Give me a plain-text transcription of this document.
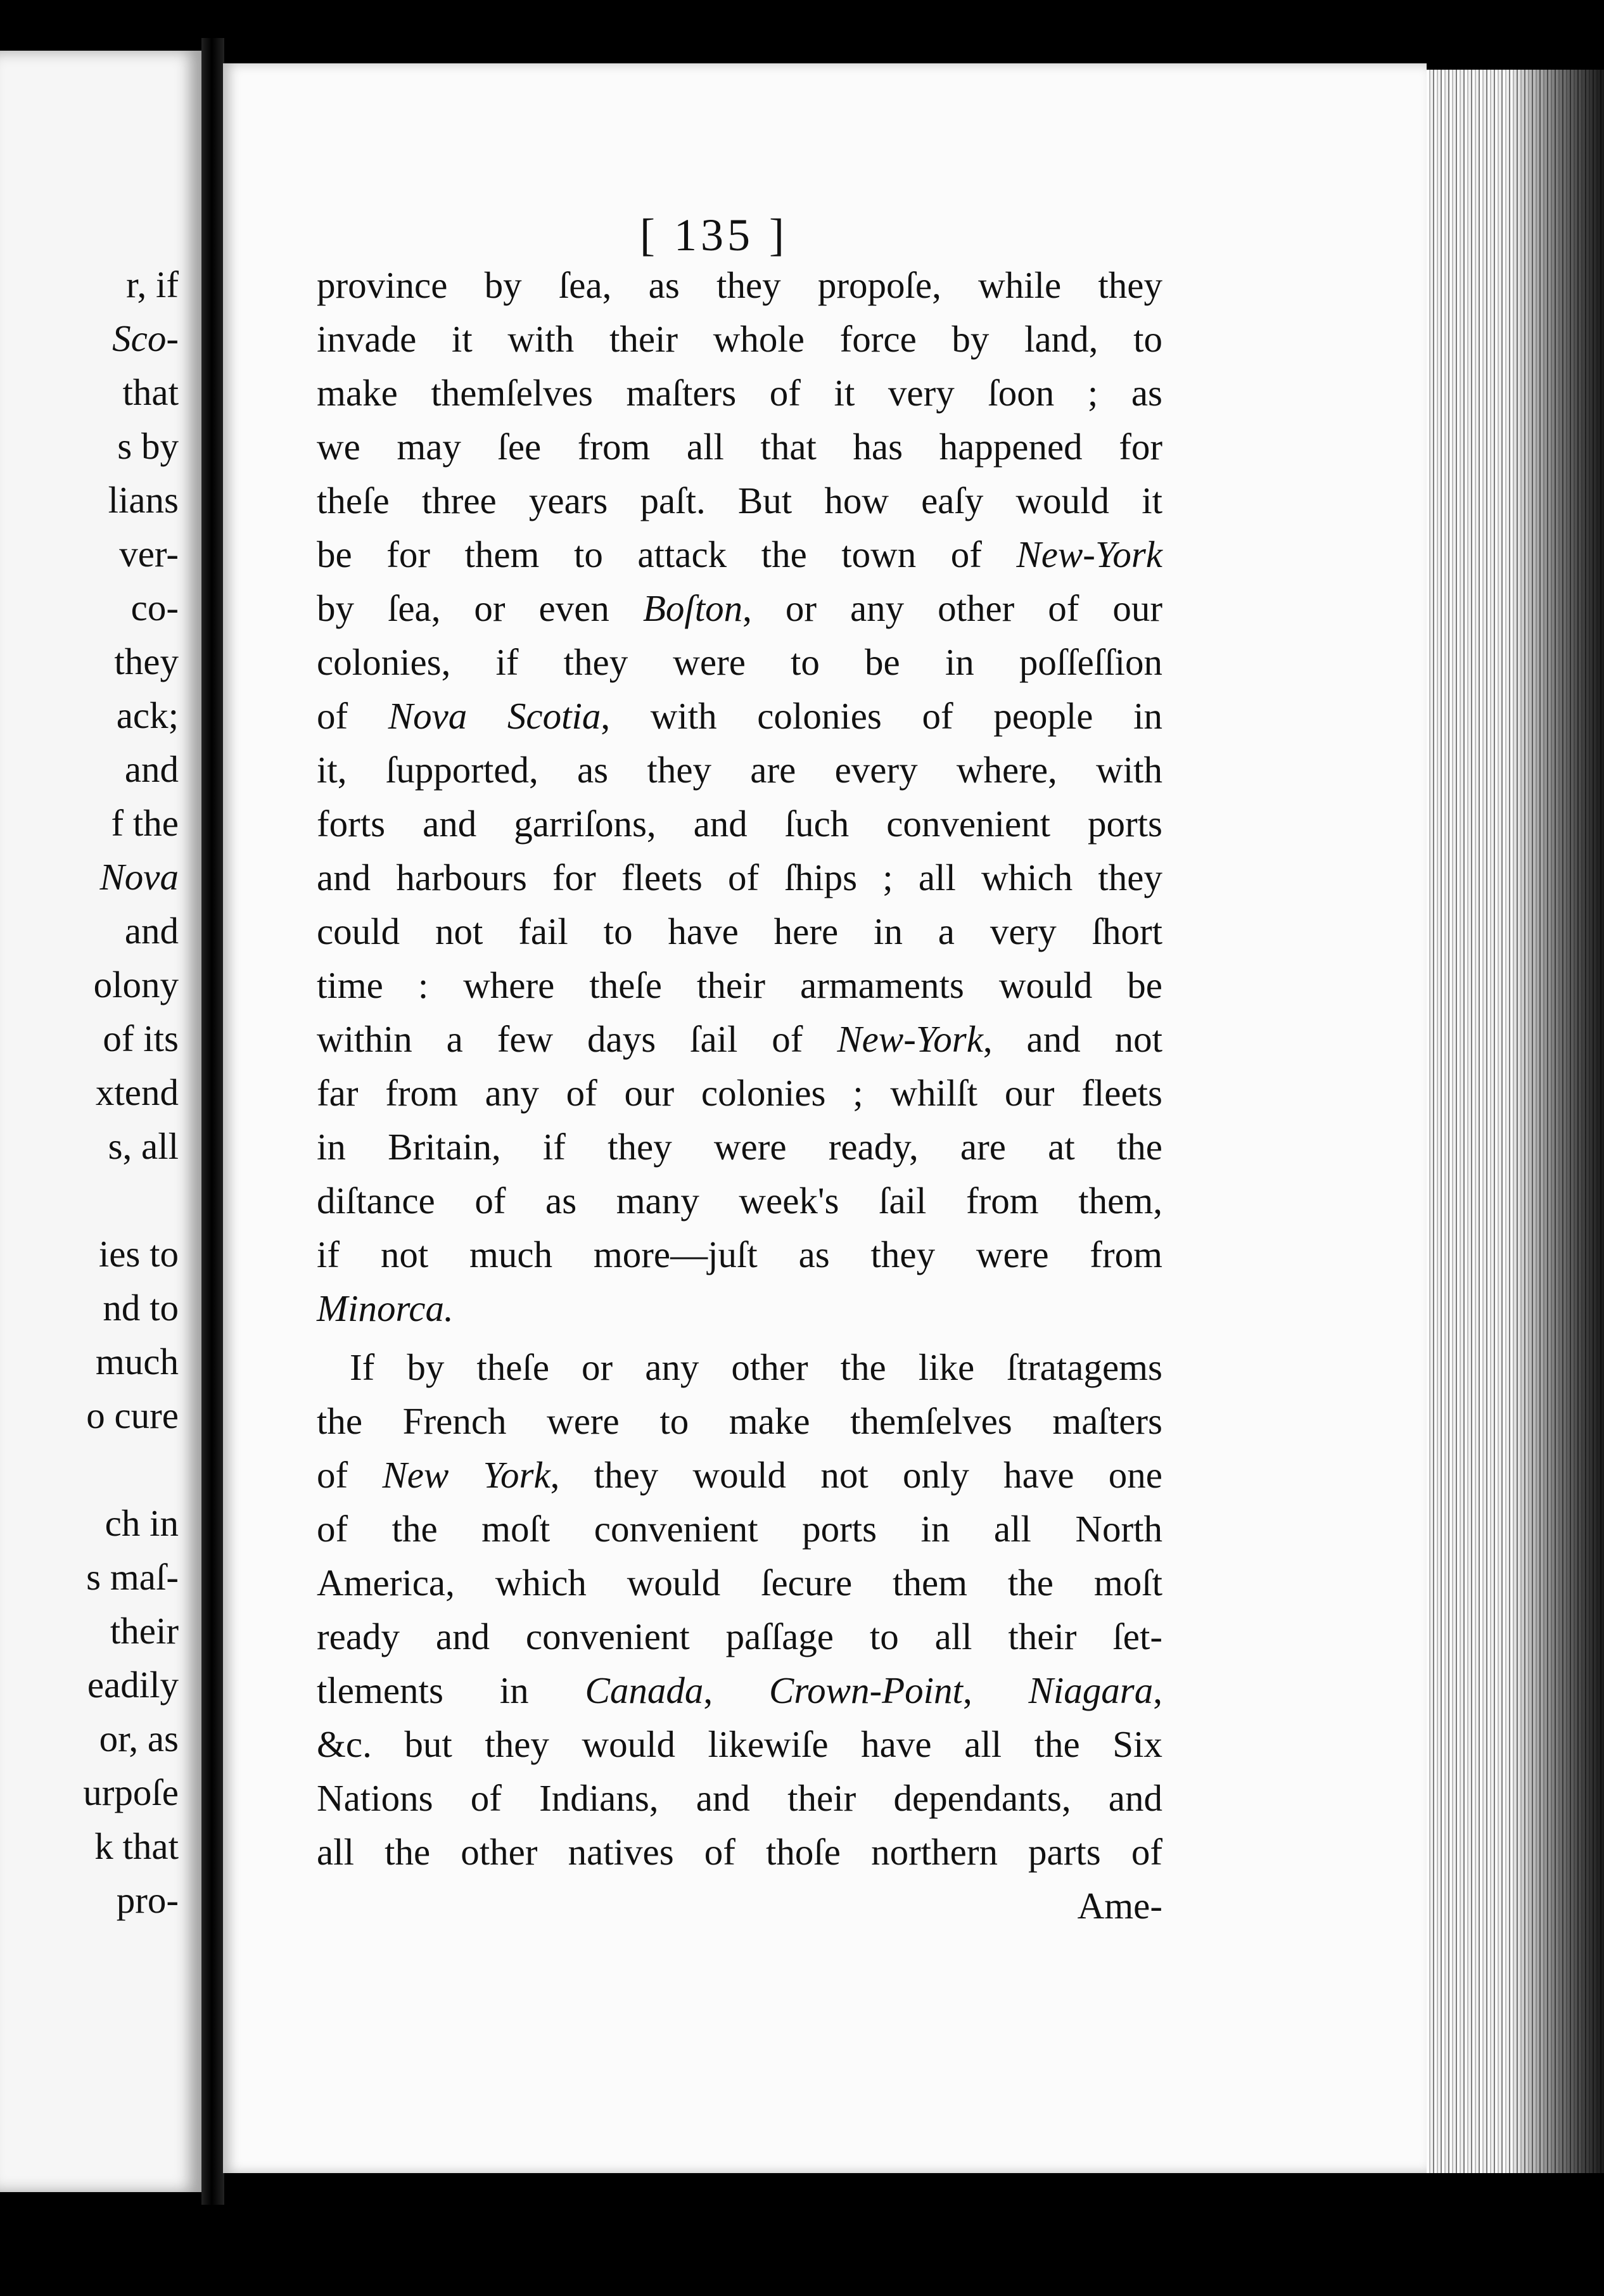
r, if
Sco-
that
s by
lians
ver-
co-
they
ack;
and
f the
Nova
and
olony
of its
xtend
s, all
ies to
nd to
much
o cure
ch in
s maſ-
their
eadily
or, as
urpoſe
k that
pro-
[ 135 ]
province by ſea, as they propoſe, while they
invade it with their whole force by land, to
make themſelves maſters of it very ſoon ; as
we may ſee from all that has happened for
theſe three years paſt. But how eaſy would it
be for them to attack the town of New-York
by ſea, or even Boſton, or any other of our
colonies, if they were to be in poſſeſſion
of Nova Scotia, with colonies of people in
it, ſupported, as they are every where, with
forts and garriſons, and ſuch convenient ports
and harbours for fleets of ſhips ; all which they
could not fail to have here in a very ſhort
time : where theſe their armaments would be
within a few days ſail of New-York, and not
far from any of our colonies ; whilſt our fleets
in Britain, if they were ready, are at the
diſtance of as many week's ſail from them,
if not much more—juſt as they were from
Minorca.
If by theſe or any other the like ſtratagems
the French were to make themſelves maſters
of New York, they would not only have one
of the moſt convenient ports in all North
America, which would ſecure them the moſt
ready and convenient paſſage to all their ſet-
tlements in Canada, Crown-Point, Niagara,
&c. but they would likewiſe have all the Six
Nations of Indians, and their dependants, and
all the other natives of thoſe northern parts of
Ame-
